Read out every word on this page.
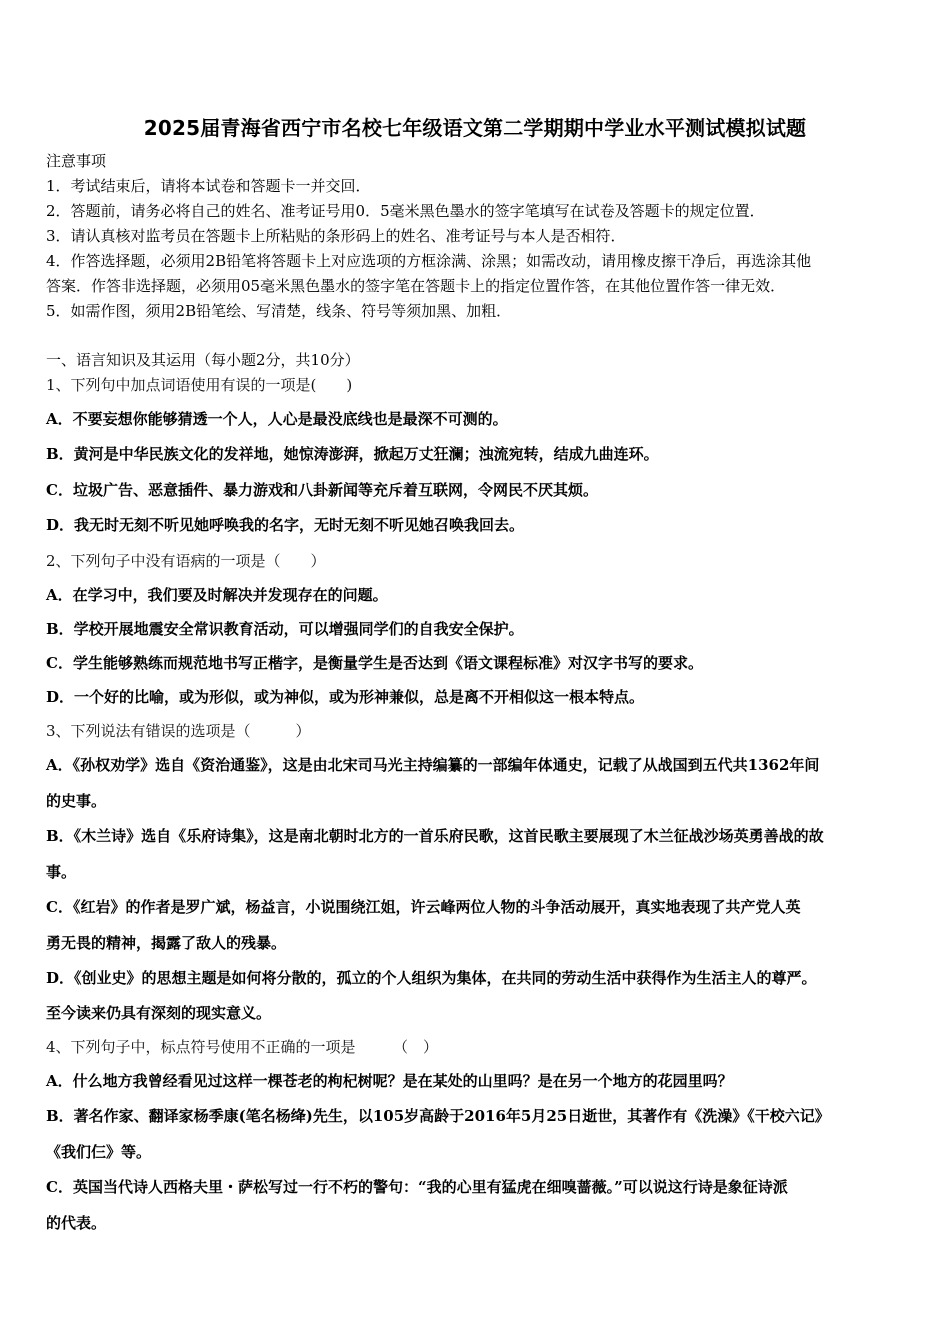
2025届青海省西宁市名校七年级语文第二学期期中学业水平测试模拟试题
注意事项
1．考试结束后，请将本试卷和答题卡一并交回．
2．答题前，请务必将自己的姓名、准考证号用0．5毫米黑色墨水的签字笔填写在试卷及答题卡的规定位置．
3．请认真核对监考员在答题卡上所粘贴的条形码上的姓名、准考证号与本人是否相符．
4．作答选择题，必须用2B铅笔将答题卡上对应选项的方框涂满、涂黑；如需改动，请用橡皮擦干净后，再选涂其他
答案．作答非选择题，必须用05毫米黑色墨水的签字笔在答题卡上的指定位置作答，在其他位置作答一律无效．
5．如需作图，须用2B铅笔绘、写清楚，线条、符号等须加黑、加粗．
一、语言知识及其运用（每小题2分，共10分）
1、下列句中加点词语使用有误的一项是(　　)
A．不要妄想你能够猜透一个人，人心是最没底线也是最深不可测的。
B．黄河是中华民族文化的发祥地，她惊涛澎湃，掀起万丈狂澜；浊流宛转，结成九曲连环。
C．垃圾广告、恶意插件、暴力游戏和八卦新闻等充斥着互联网，令网民不厌其烦。
D．我无时无刻不听见她呼唤我的名字，无时无刻不听见她召唤我回去。
2、下列句子中没有语病的一项是（　　）
A．在学习中，我们要及时解决并发现存在的问题。
B．学校开展地震安全常识教育活动，可以增强同学们的自我安全保护。
C．学生能够熟练而规范地书写正楷字，是衡量学生是否达到《语文课程标准》对汉字书写的要求。
D．一个好的比喻，或为形似，或为神似，或为形神兼似，总是离不开相似这一根本特点。
3、下列说法有错误的选项是（　　　）
A．《孙权劝学》选自《资治通鉴》，这是由北宋司马光主持编纂的一部编年体通史，记载了从战国到五代共1362年间
的史事。
B．《木兰诗》选自《乐府诗集》，这是南北朝时北方的一首乐府民歌，这首民歌主要展现了木兰征战沙场英勇善战的故
事。
C．《红岩》的作者是罗广斌，杨益言，小说围绕江姐，许云峰两位人物的斗争活动展开，真实地表现了共产党人英
勇无畏的精神，揭露了敌人的残暴。
D．《创业史》的思想主题是如何将分散的，孤立的个人组织为集体，在共同的劳动生活中获得作为生活主人的尊严。
至今读来仍具有深刻的现实意义。
4、下列句子中，标点符号使用不正确的一项是　　　（　）
A．什么地方我曾经看见过这样一棵苍老的枸杞树呢？是在某处的山里吗？是在另一个地方的花园里吗？
B．著名作家、翻译家杨季康(笔名杨绛)先生，以105岁高龄于2016年5月25日逝世，其著作有《洗澡》《干校六记》
《我们仨》等。
C．英国当代诗人西格夫里・萨松写过一行不朽的警句：“我的心里有猛虎在细嗅蔷薇。”可以说这行诗是象征诗派
的代表。
